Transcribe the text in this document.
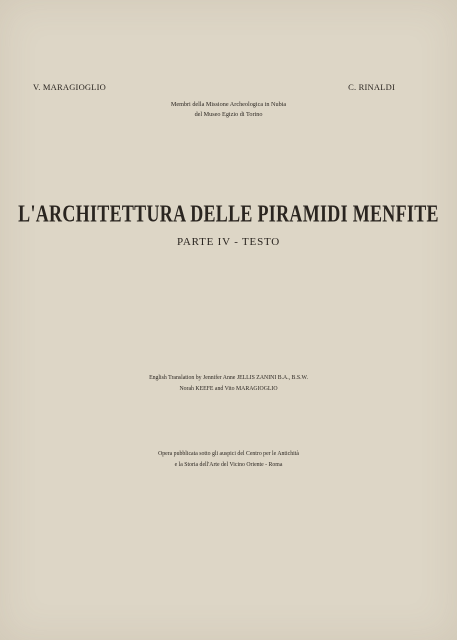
V. MARAGIOGLIO	C. RINALDI
Membri della Missione Archeologica in Nubia
del Museo Egizio di Torino
L'ARCHITETTURA DELLE PIRAMIDI MENFITE
PARTE IV - TESTO
English Translation by Jennifer Anne JELLIS ZANINI B.A., B.S.W.
Norah KEEFE and Vito MARAGIOGLIO
Opera pubblicata sotto gli auspici del Centro per le Antichità
e la Storia dell'Arte del Vicino Oriente - Roma
